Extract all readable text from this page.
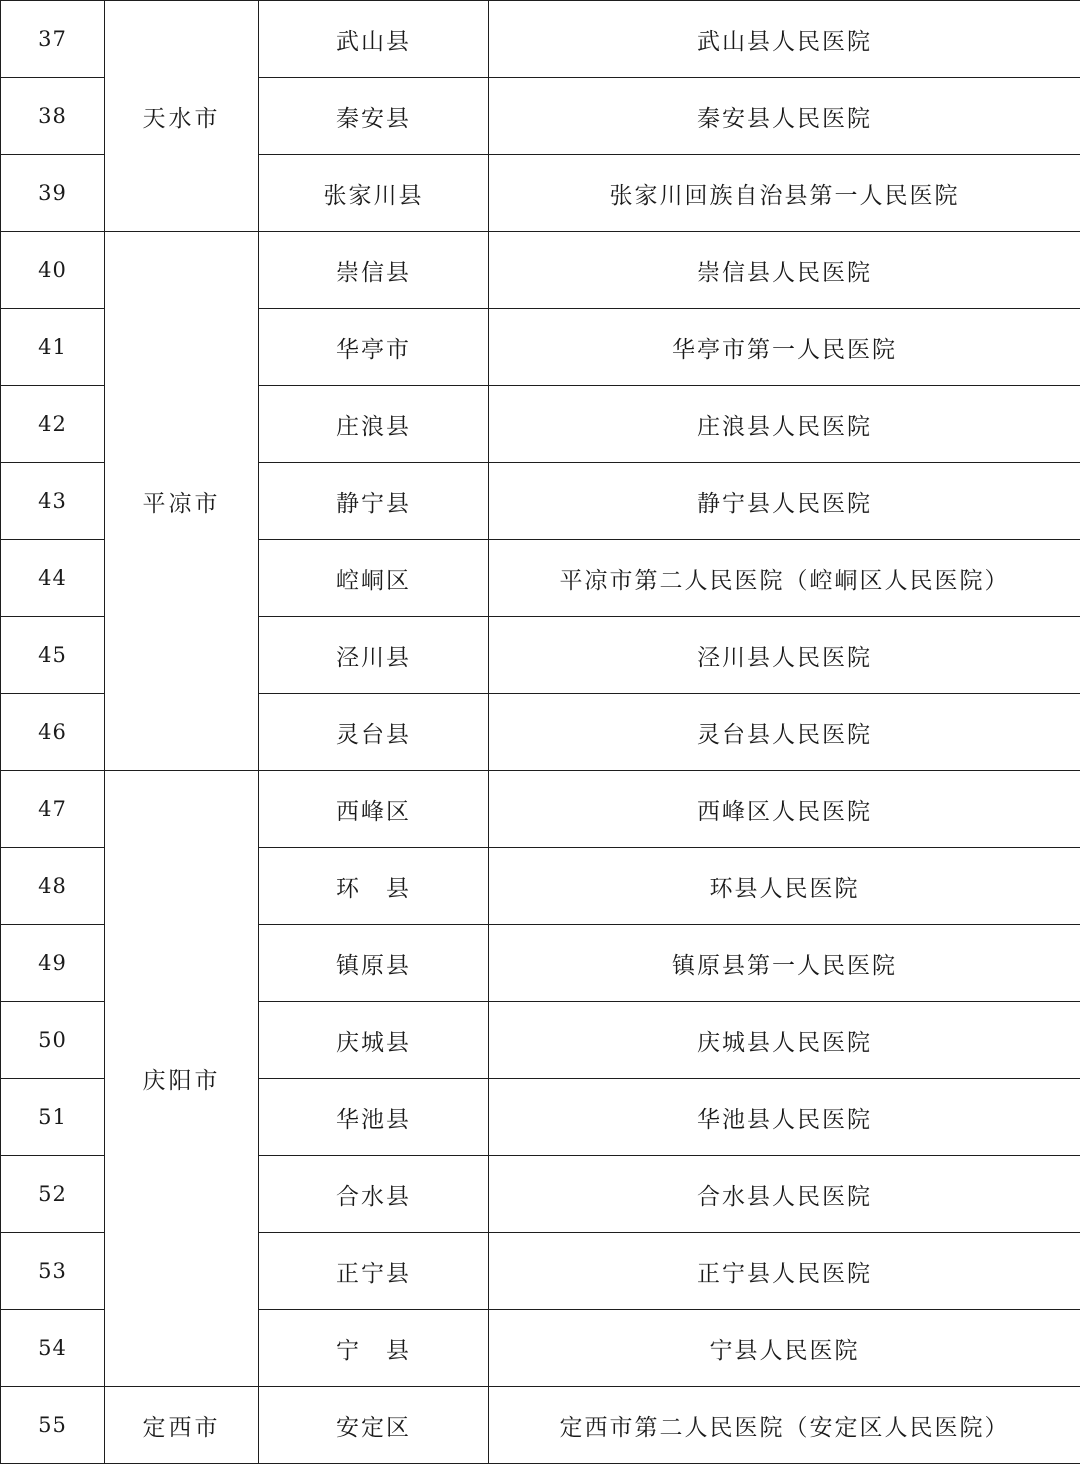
37	天水市	武山县	武山县人民医院
38		秦安县	秦安县人民医院
39		张家川县	张家川回族自治县第一人民医院
40	平凉市	崇信县	崇信县人民医院
41		华亭市	华亭市第一人民医院
42		庄浪县	庄浪县人民医院
43		静宁县	静宁县人民医院
44		崆峒区	平凉市第二人民医院（崆峒区人民医院）
45		泾川县	泾川县人民医院
46		灵台县	灵台县人民医院
47	庆阳市	西峰区	西峰区人民医院
48		环　县	环县人民医院
49		镇原县	镇原县第一人民医院
50		庆城县	庆城县人民医院
51		华池县	华池县人民医院
52		合水县	合水县人民医院
53		正宁县	正宁县人民医院
54		宁　县	宁县人民医院
55	定西市	安定区	定西市第二人民医院（安定区人民医院）
